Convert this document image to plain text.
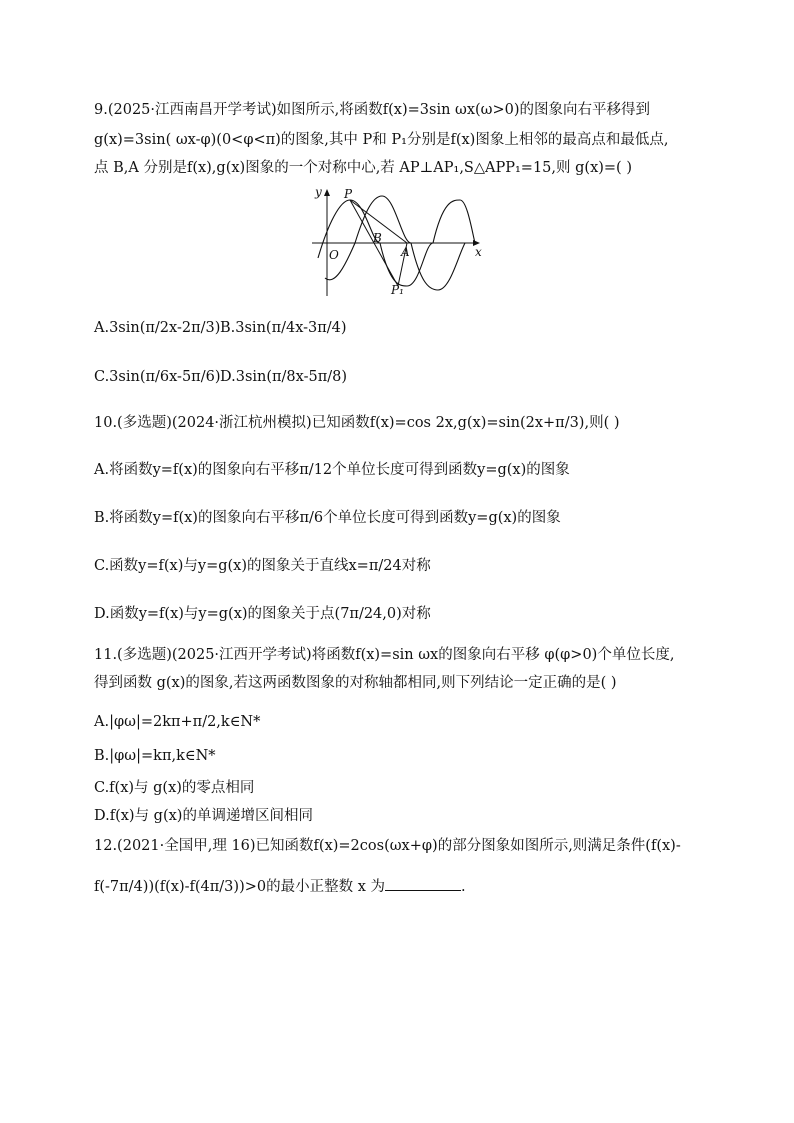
9.(2025·江西南昌开学考试)如图所示,将函数f(x)=3sin ωx(ω>0)的图象向右平移得到
g(x)=3sin( ωx-φ)(0<φ<π)的图象,其中 P和 P₁分别是f(x)图象上相邻的最高点和最低点,
点 B,A 分别是f(x),g(x)图象的一个对称中心,若 AP⊥AP₁,S△APP₁=15,则 g(x)=( )
y
x
O
P
B
A
P₁
A.3sin(π/2x-2π/3) B.3sin(π/4x-3π/4)
C.3sin(π/6x-5π/6) D.3sin(π/8x-5π/8)
10.(多选题)(2024·浙江杭州模拟)已知函数f(x)=cos 2x,g(x)=sin(2x+π/3),则( )
A.将函数y=f(x)的图象向右平移π/12个单位长度可得到函数y=g(x)的图象
B.将函数y=f(x)的图象向右平移π/6个单位长度可得到函数y=g(x)的图象
C.函数y=f(x)与y=g(x)的图象关于直线x=π/24对称
D.函数y=f(x)与y=g(x)的图象关于点(7π/24,0)对称
11.(多选题)(2025·江西开学考试)将函数f(x)=sin ωx的图象向右平移 φ(φ>0)个单位长度,
得到函数 g(x)的图象,若这两函数图象的对称轴都相同,则下列结论一定正确的是( )
A.|φω|=2kπ+π/2,k∈N*
B.|φω|=kπ,k∈N*
C.f(x)与 g(x)的零点相同
D.f(x)与 g(x)的单调递增区间相同
12.(2021·全国甲,理 16)已知函数f(x)=2cos(ωx+φ)的部分图象如图所示,则满足条件(f(x)-
f(-7π/4))(f(x)-f(4π/3))>0的最小正整数 x 为	.
